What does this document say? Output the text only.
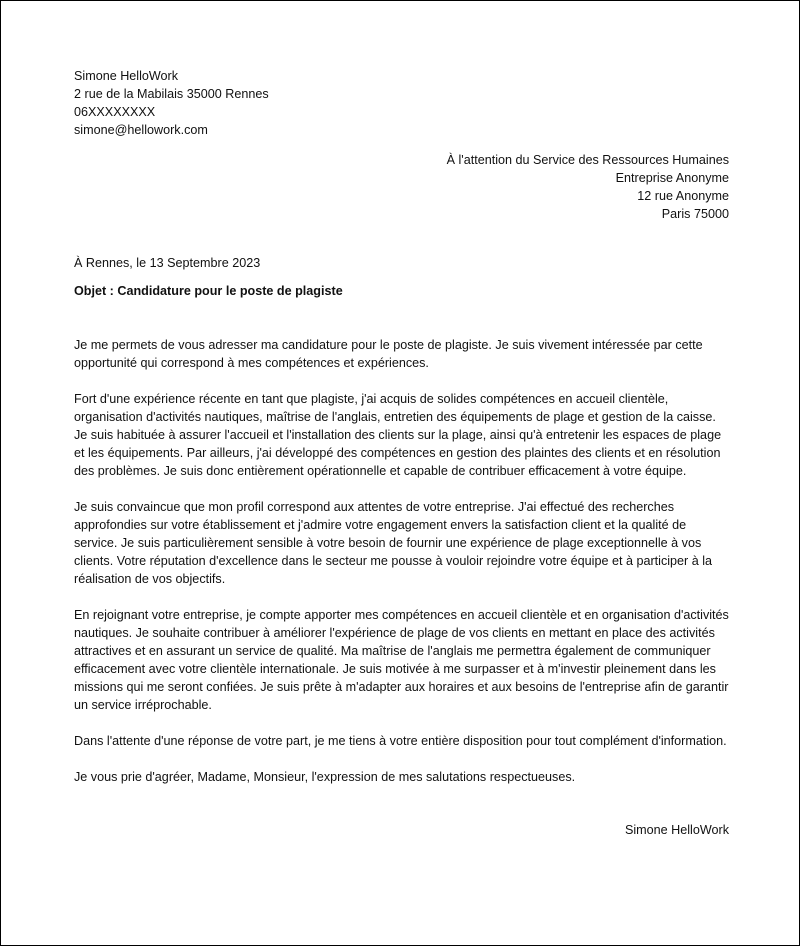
Simone HelloWork
2 rue de la Mabilais 35000 Rennes
06XXXXXXXX
simone@hellowork.com
À l'attention du Service des Ressources Humaines
Entreprise Anonyme
12 rue Anonyme
Paris 75000
À Rennes, le 13 Septembre 2023
Objet : Candidature pour le poste de plagiste

Je me permets de vous adresser ma candidature pour le poste de plagiste. Je suis vivement intéressée par cette opportunité qui correspond à mes compétences et expériences.

Fort d'une expérience récente en tant que plagiste, j'ai acquis de solides compétences en accueil clientèle, organisation d'activités nautiques, maîtrise de l'anglais, entretien des équipements de plage et gestion de la caisse. Je suis habituée à assurer l'accueil et l'installation des clients sur la plage, ainsi qu'à entretenir les espaces de plage et les équipements. Par ailleurs, j'ai développé des compétences en gestion des plaintes des clients et en résolution des problèmes. Je suis donc entièrement opérationnelle et capable de contribuer efficacement à votre équipe.

Je suis convaincue que mon profil correspond aux attentes de votre entreprise. J'ai effectué des recherches approfondies sur votre établissement et j'admire votre engagement envers la satisfaction client et la qualité de service. Je suis particulièrement sensible à votre besoin de fournir une expérience de plage exceptionnelle à vos clients. Votre réputation d'excellence dans le secteur me pousse à vouloir rejoindre votre équipe et à participer à la réalisation de vos objectifs.

En rejoignant votre entreprise, je compte apporter mes compétences en accueil clientèle et en organisation d'activités nautiques. Je souhaite contribuer à améliorer l'expérience de plage de vos clients en mettant en place des activités attractives et en assurant un service de qualité. Ma maîtrise de l'anglais me permettra également de communiquer efficacement avec votre clientèle internationale. Je suis motivée à me surpasser et à m'investir pleinement dans les missions qui me seront confiées. Je suis prête à m'adapter aux horaires et aux besoins de l'entreprise afin de garantir un service irréprochable.

Dans l'attente d'une réponse de votre part, je me tiens à votre entière disposition pour tout complément d'information.

Je vous prie d'agréer, Madame, Monsieur, l'expression de mes salutations respectueuses.

Simone HelloWork
